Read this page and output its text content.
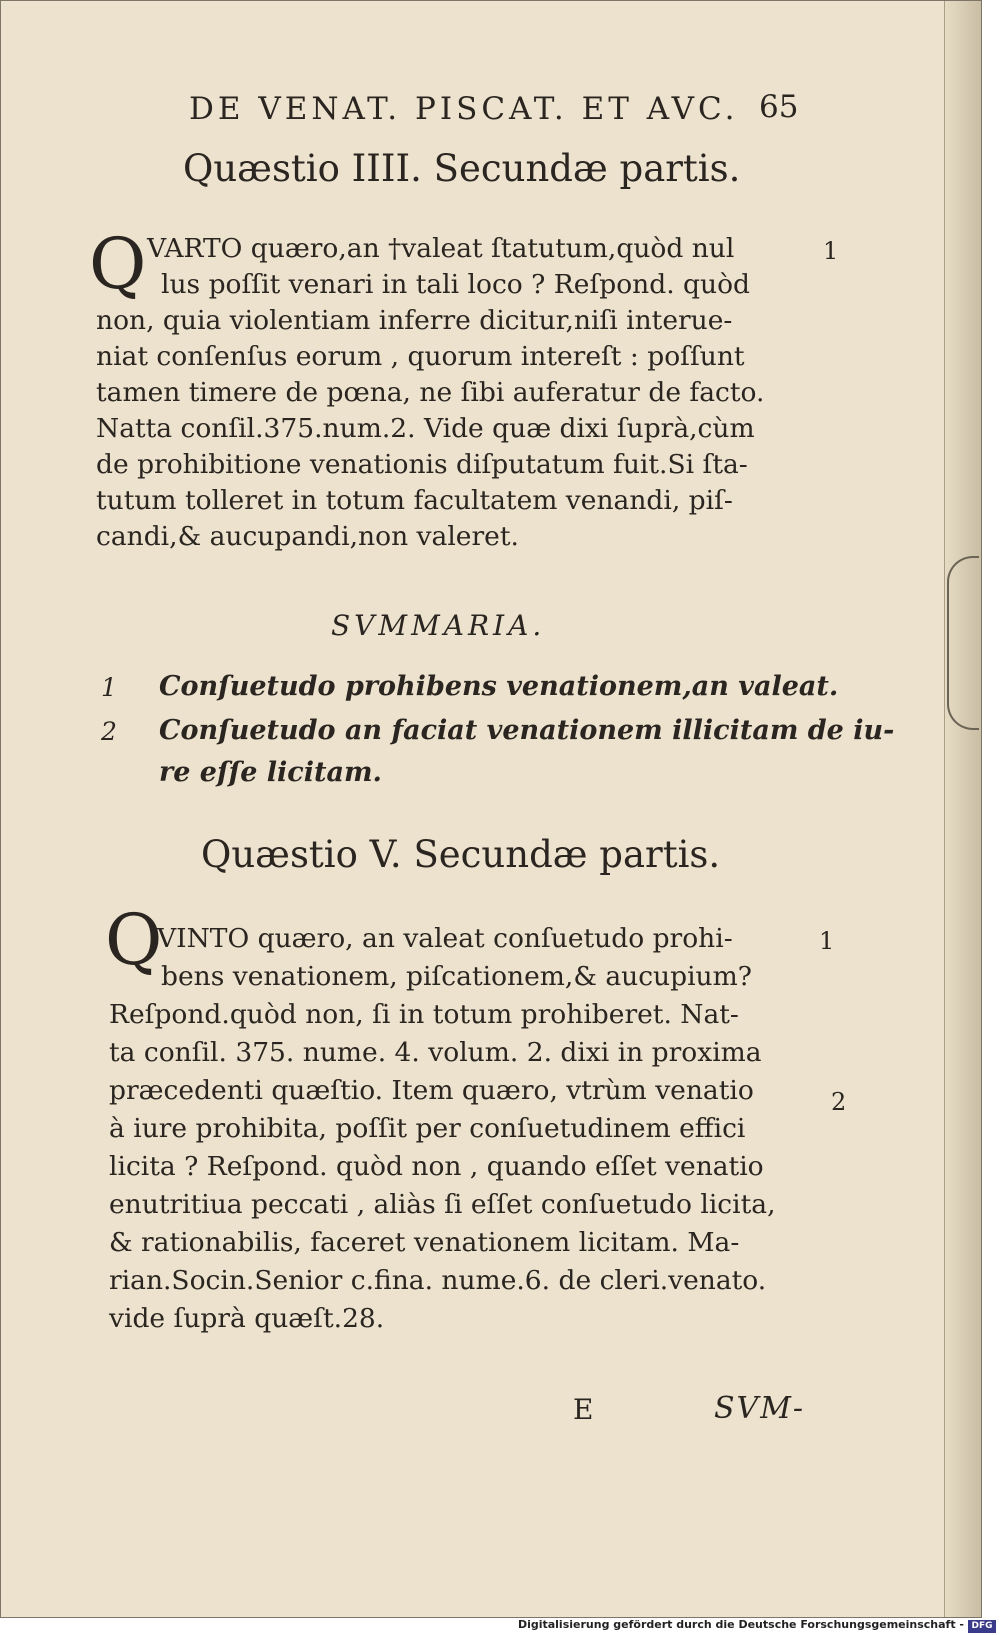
DE VENAT. PISCAT. ET AVC. 65
Quæstio IIII. Secundæ partis.
Q	1
VARTO quæro,an †valeat ſtatutum,quòd nul
lus poſſit venari in tali loco ? Reſpond. quòd
non, quia violentiam inferre dicitur,niſi interue-
niat conſenſus eorum , quorum intereſt : poſſunt
tamen timere de pœna, ne ſibi auferatur de facto.
Natta conſil.375.num.2. Vide quæ dixi ſuprà,cùm
de prohibitione venationis diſputatum fuit.Si ſta-
tutum tolleret in totum facultatem venandi, piſ-
candi,& aucupandi,non valeret.
SVMMARIA.
1 Conſuetudo prohibens venationem,an valeat.
2 Conſuetudo an faciat venationem illicitam de iu-
re eſſe licitam.
Quæstio V. Secundæ partis.
Q	1
2
VINTO quæro, an valeat conſuetudo prohi-
bens venationem, piſcationem,& aucupium?
Reſpond.quòd non, ſi in totum prohiberet. Nat-
ta conſil. 375. nume. 4. volum. 2. dixi in proxima
præcedenti quæſtio. Item quæro, vtrùm venatio
à iure prohibita, poſſit per conſuetudinem effici
licita ? Reſpond. quòd non , quando eſſet venatio
enutritiua peccati , aliàs ſi eſſet conſuetudo licita,
& rationabilis, faceret venationem licitam. Ma-
rian.Socin.Senior c.fina. nume.6. de cleri.venato.
vide ſuprà quæſt.28.
E	SVM-
Digitalisierung gefördert durch die Deutsche Forschungsgemeinschaft - DFG
